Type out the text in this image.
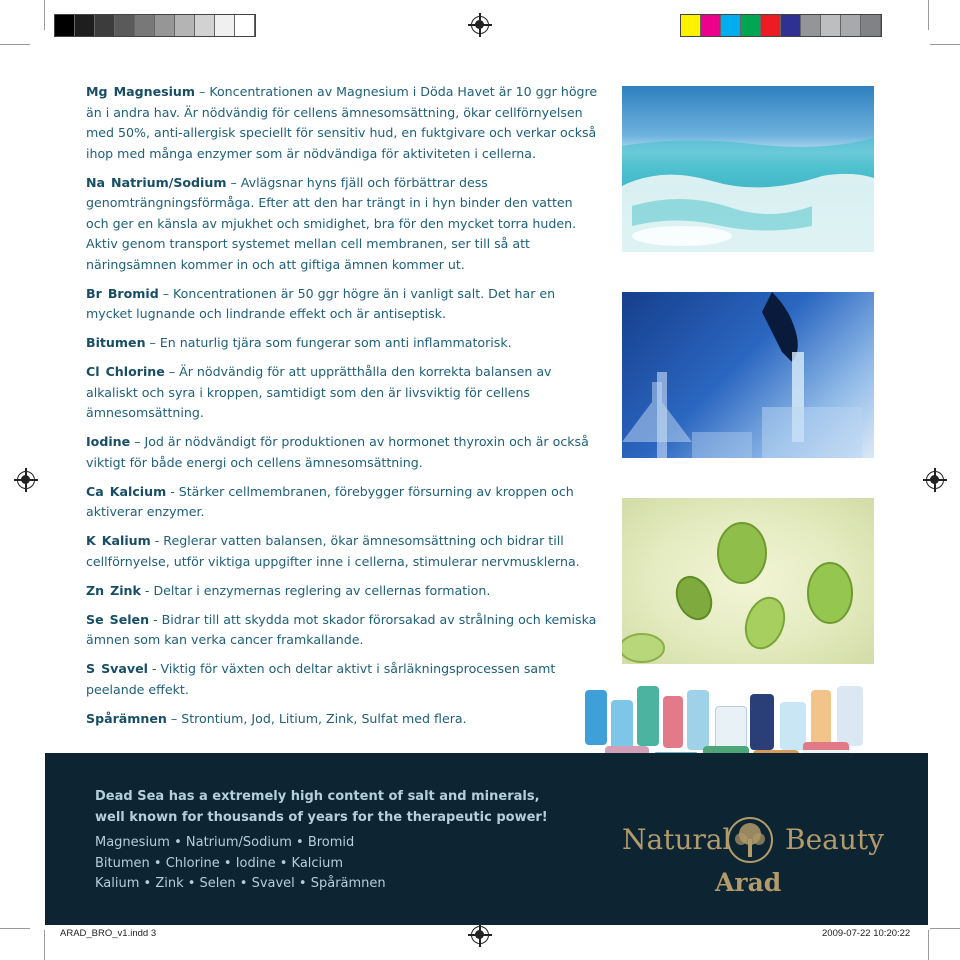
Mg Magnesium – Koncentrationen av Magnesium i Döda Havet är 10 ggr högre än i andra hav. Är nödvändig för cellens ämnesomsättning, ökar cellförnyelsen med 50%, anti-allergisk speciellt för sensitiv hud, en fuktgivare och verkar också ihop med många enzymer som är nödvändiga för aktiviteten i cellerna.

Na Natrium/Sodium – Avlägsnar hyns fjäll och förbättrar dess genomträngningsförmåga. Efter att den har trängt in i hyn binder den vatten och ger en känsla av mjukhet och smidighet, bra för den mycket torra huden.
Aktiv genom transport systemet mellan cell membranen, ser till så att näringsämnen kommer in och att giftiga ämnen kommer ut.

Br Bromid – Koncentrationen är 50 ggr högre än i vanligt salt. Det har en mycket lugnande och lindrande effekt och är antiseptisk.

Bitumen – En naturlig tjära som fungerar som anti inflammatorisk.

Cl Chlorine – Är nödvändig för att upprätthålla den korrekta balansen av alkaliskt och syra i kroppen, samtidigt som den är livsviktig för cellens ämnesomsättning.

Iodine – Jod är nödvändigt för produktionen av hormonet thyroxin och är också viktigt för både energi och cellens ämnesomsättning.

Ca Kalcium - Stärker cellmembranen, förebygger försurning av kroppen och aktiverar enzymer.

K Kalium - Reglerar vatten balansen, ökar ämnesomsättning och bidrar till cellförnyelse, utför viktiga uppgifter inne i cellerna, stimulerar nervmusklerna.

Zn Zink - Deltar i enzymernas reglering av cellernas formation.

Se Selen - Bidrar till att skydda mot skador förorsakad av strålning och kemiska ämnen som kan verka cancer framkallande.

S Svavel - Viktig för växten och deltar aktivt i sårläkningsprocessen samt peelande effekt.

Spårämnen – Strontium, Jod, Litium, Zink, Sulfat med flera.

Dead Sea has a extremely high content of salt and minerals, well known for thousands of years for the therapeutic power!
Magnesium • Natrium/Sodium • Bromid
Bitumen • Chlorine • Iodine • Kalcium
Kalium • Zink • Selen • Svavel • Spårämnen
Natural Beauty
Arad
ARAD_BRO_v1.indd 3	2009-07-22 10:20:22
